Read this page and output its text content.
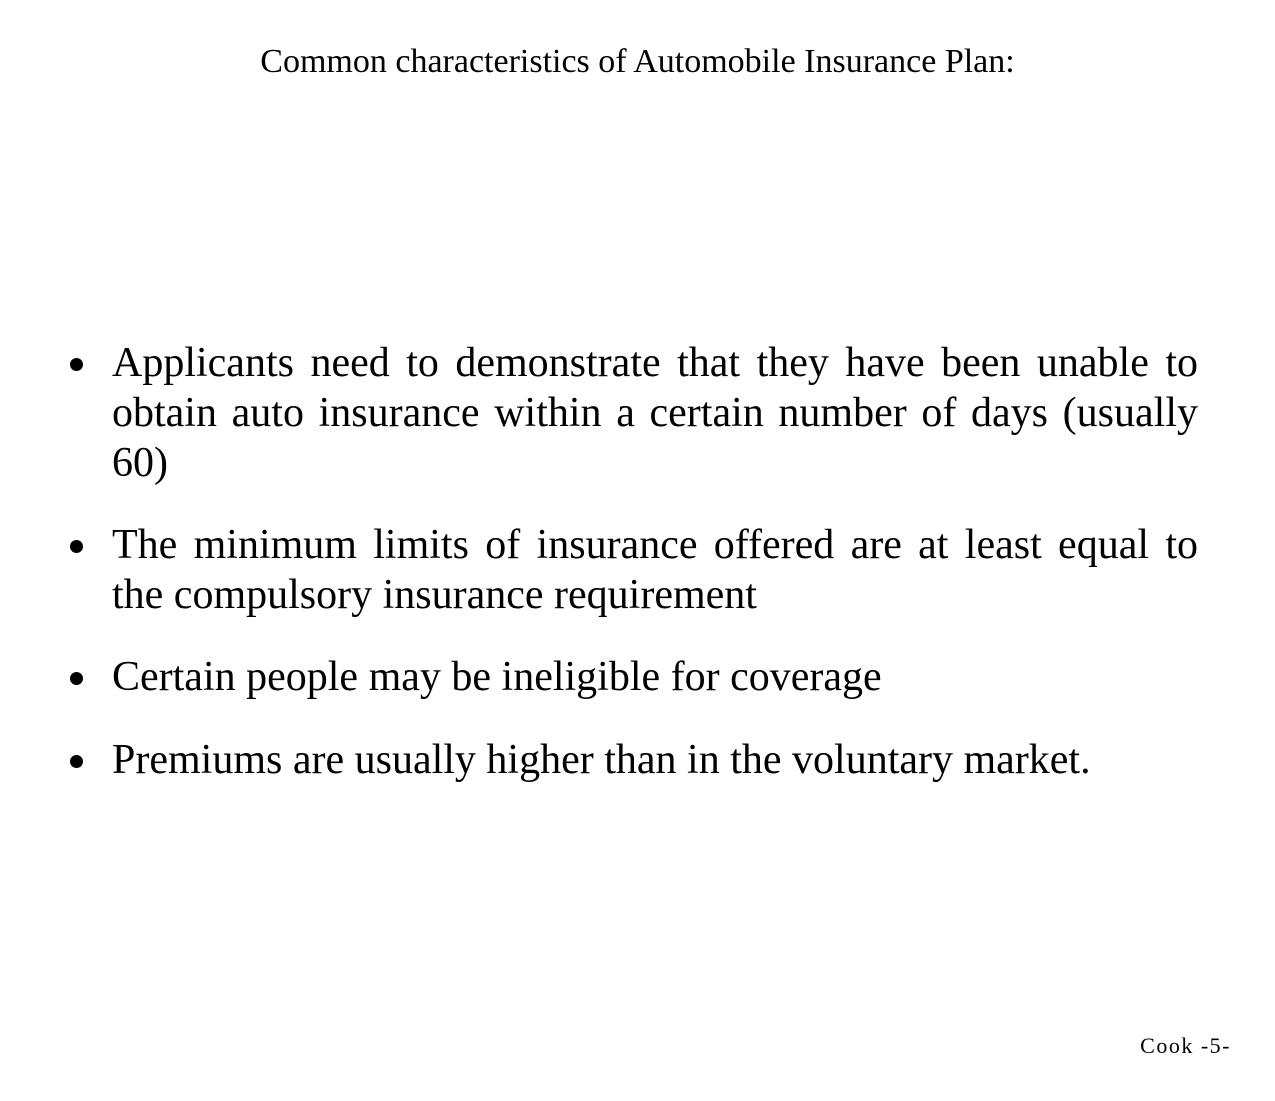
Common characteristics of Automobile Insurance Plan:
Applicants need to demonstrate that they have been unable to obtain auto insurance within a certain number of days (usually 60)
The minimum limits of insurance offered are at least equal to the compulsory insurance requirement
Certain people may be ineligible for coverage
Premiums are usually higher than in the voluntary market.
Cook -5-
